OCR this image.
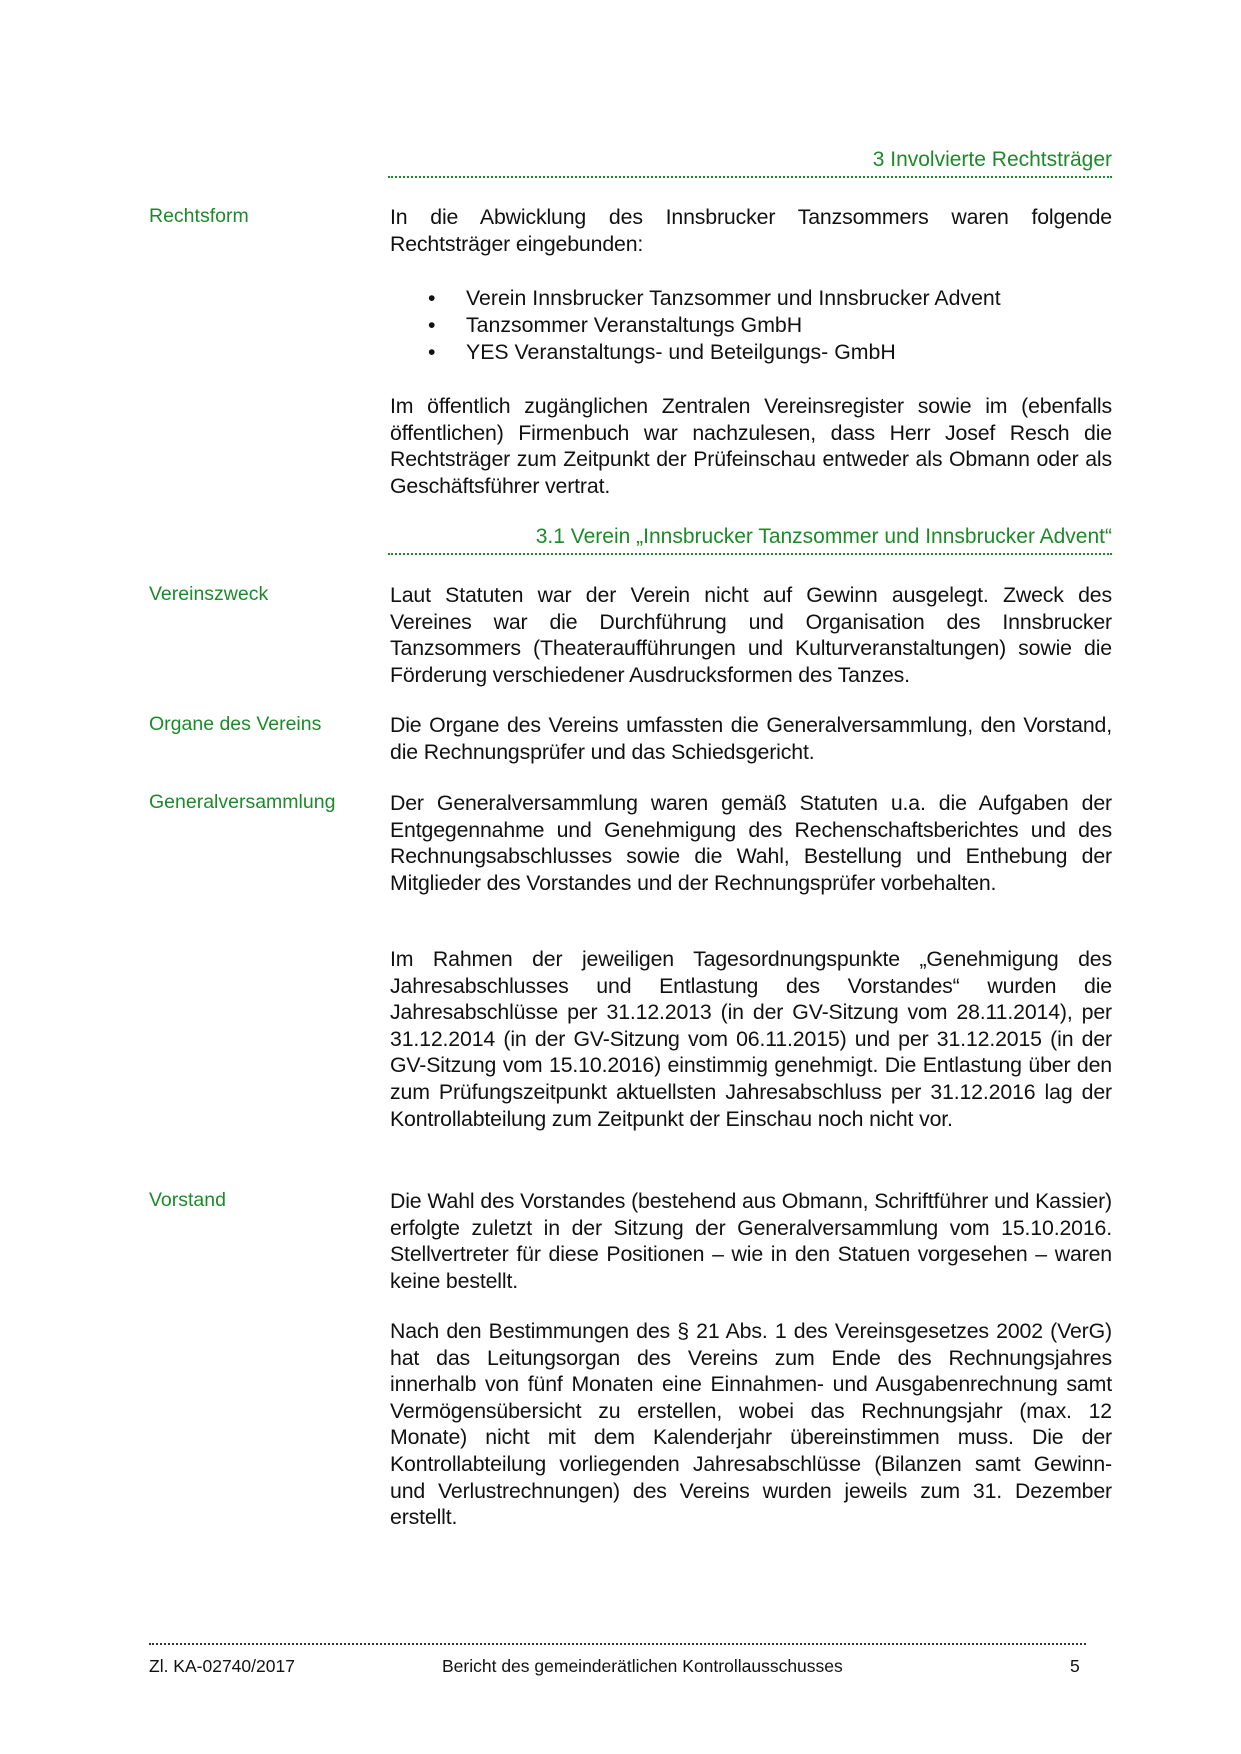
3 Involvierte Rechtsträger
Rechtsform	In die Abwicklung des Innsbrucker Tanzsommers waren folgende Rechtsträger eingebunden:

• Verein Innsbrucker Tanzsommer und Innsbrucker Advent
• Tanzsommer Veranstaltungs GmbH
• YES Veranstaltungs- und Beteilgungs- GmbH

Im öffentlich zugänglichen Zentralen Vereinsregister sowie im (ebenfalls öffentlichen) Firmenbuch war nachzulesen, dass Herr Josef Resch die Rechtsträger zum Zeitpunkt der Prüfeinschau entweder als Obmann oder als Geschäftsführer vertrat.

3.1 Verein „Innsbrucker Tanzsommer und Innsbrucker Advent“
Vereinszweck	Laut Statuten war der Verein nicht auf Gewinn ausgelegt. Zweck des Vereines war die Durchführung und Organisation des Innsbrucker Tanzsommers (Theateraufführungen und Kulturveranstaltungen) sowie die Förderung verschiedener Ausdrucksformen des Tanzes.

Organe des Vereins	Die Organe des Vereins umfassten die Generalversammlung, den Vorstand, die Rechnungsprüfer und das Schiedsgericht.

Generalversammlung	Der Generalversammlung waren gemäß Statuten u.a. die Aufgaben der Entgegennahme und Genehmigung des Rechenschaftsberichtes und des Rechnungsabschlusses sowie die Wahl, Bestellung und Enthebung der Mitglieder des Vorstandes und der Rechnungsprüfer vorbehalten.

Im Rahmen der jeweiligen Tagesordnungspunkte „Genehmigung des Jahresabschlusses und Entlastung des Vorstandes“ wurden die Jahresabschlüsse per 31.12.2013 (in der GV-Sitzung vom 28.11.2014), per 31.12.2014 (in der GV-Sitzung vom 06.11.2015) und per 31.12.2015 (in der GV-Sitzung vom 15.10.2016) einstimmig genehmigt. Die Entlastung über den zum Prüfungszeitpunkt aktuellsten Jahresabschluss per 31.12.2016 lag der Kontrollabteilung zum Zeitpunkt der Einschau noch nicht vor.

Vorstand	Die Wahl des Vorstandes (bestehend aus Obmann, Schriftführer und Kassier) erfolgte zuletzt in der Sitzung der Generalversammlung vom 15.10.2016. Stellvertreter für diese Positionen – wie in den Statuen vorgesehen – waren keine bestellt.

Nach den Bestimmungen des § 21 Abs. 1 des Vereinsgesetzes 2002 (VerG) hat das Leitungsorgan des Vereins zum Ende des Rechnungsjahres innerhalb von fünf Monaten eine Einnahmen- und Ausgabenrechnung samt Vermögensübersicht zu erstellen, wobei das Rechnungsjahr (max. 12 Monate) nicht mit dem Kalenderjahr übereinstimmen muss. Die der Kontrollabteilung vorliegenden Jahresabschlüsse (Bilanzen samt Gewinn- und Verlustrechnungen) des Vereins wurden jeweils zum 31. Dezember erstellt.

Zl. KA-02740/2017	Bericht des gemeinderätlichen Kontrollausschusses	5
